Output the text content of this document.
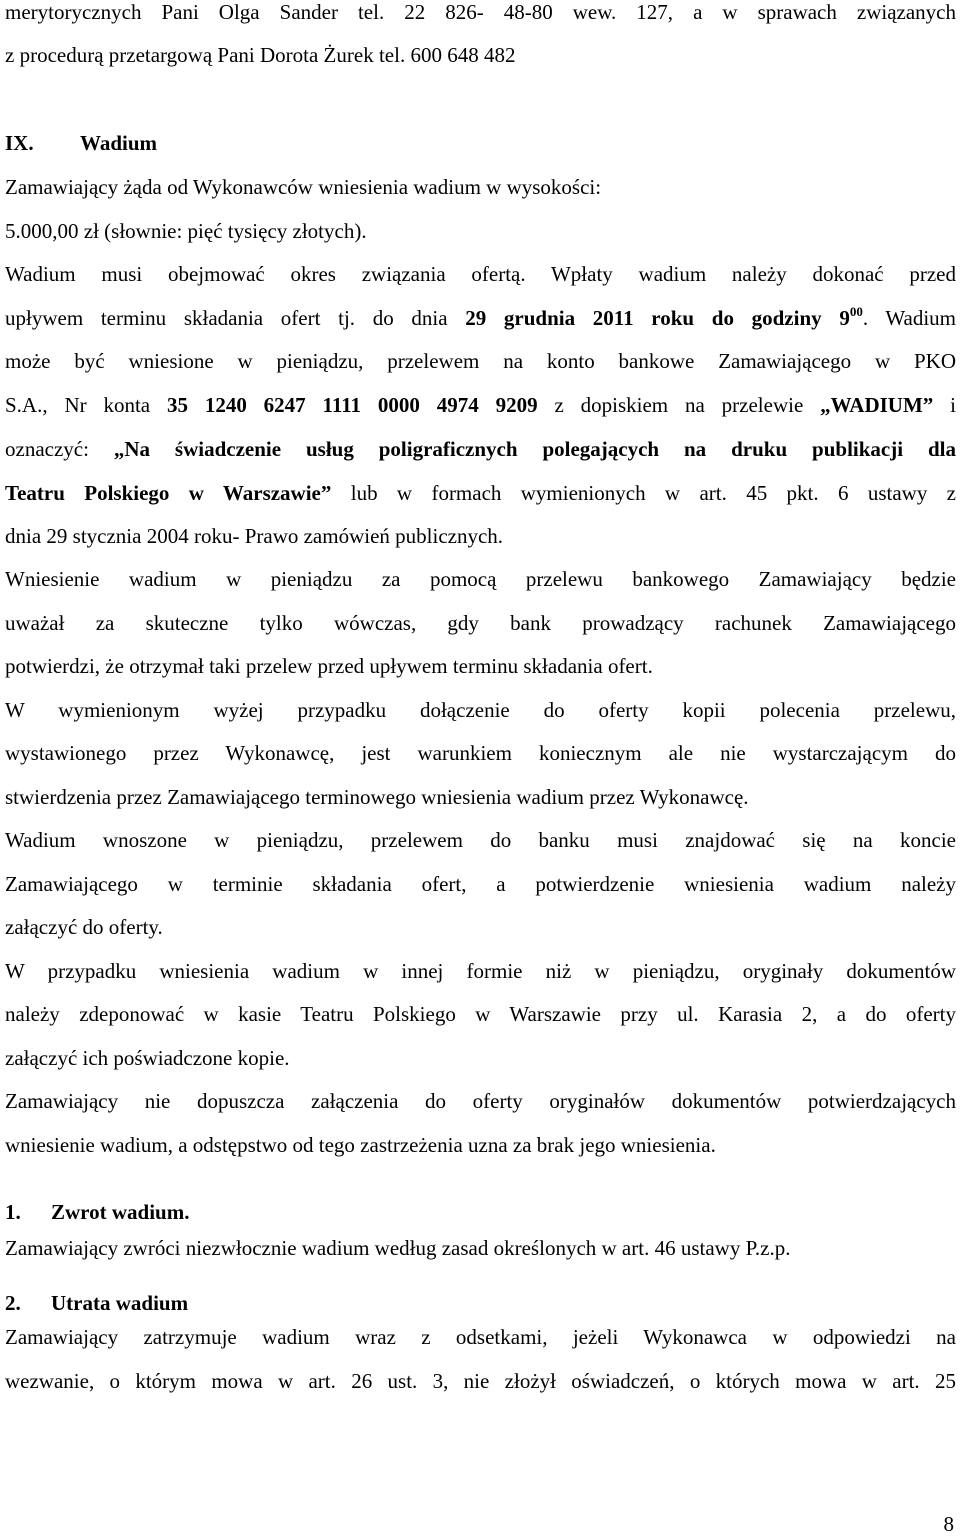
merytorycznych Pani Olga Sander tel. 22 826- 48-80 wew. 127, a w sprawach związanych
z procedurą przetargową Pani Dorota Żurek tel. 600 648 482
IX. Wadium
Zamawiający żąda od Wykonawców wniesienia wadium w wysokości:
5.000,00 zł (słownie: pięć tysięcy złotych).
Wadium musi obejmować okres związania ofertą. Wpłaty wadium należy dokonać przed
upływem terminu składania ofert tj. do dnia 29 grudnia 2011 roku do godziny $9^{00}$. Wadium
może być wniesione w pieniądzu, przelewem na konto bankowe Zamawiającego w PKO
S.A., Nr konta 35 1240 6247 1111 0000 4974 9209 z dopiskiem na przelewie „WADIUM” i
oznaczyć: „Na świadczenie usług poligraficznych polegających na druku publikacji dla
Teatru Polskiego w Warszawie” lub w formach wymienionych w art. 45 pkt. 6 ustawy z
dnia 29 stycznia 2004 roku- Prawo zamówień publicznych.
Wniesienie wadium w pieniądzu za pomocą przelewu bankowego Zamawiający będzie
uważał za skuteczne tylko wówczas, gdy bank prowadzący rachunek Zamawiającego
potwierdzi, że otrzymał taki przelew przed upływem terminu składania ofert.
W wymienionym wyżej przypadku dołączenie do oferty kopii polecenia przelewu,
wystawionego przez Wykonawcę, jest warunkiem koniecznym ale nie wystarczającym do
stwierdzenia przez Zamawiającego terminowego wniesienia wadium przez Wykonawcę.
Wadium wnoszone w pieniądzu, przelewem do banku musi znajdować się na koncie
Zamawiającego w terminie składania ofert, a potwierdzenie wniesienia wadium należy
załączyć do oferty.
W przypadku wniesienia wadium w innej formie niż w pieniądzu, oryginały dokumentów
należy zdeponować w kasie Teatru Polskiego w Warszawie przy ul. Karasia 2, a do oferty
załączyć ich poświadczone kopie.
Zamawiający nie dopuszcza załączenia do oferty oryginałów dokumentów potwierdzających
wniesienie wadium, a odstępstwo od tego zastrzeżenia uzna za brak jego wniesienia.
1. Zwrot wadium.
Zamawiający zwróci niezwłocznie wadium według zasad określonych w art. 46 ustawy P.z.p.
2. Utrata wadium
Zamawiający zatrzymuje wadium wraz z odsetkami, jeżeli Wykonawca w odpowiedzi na
wezwanie, o którym mowa w art. 26 ust. 3, nie złożył oświadczeń, o których mowa w art. 25
8
